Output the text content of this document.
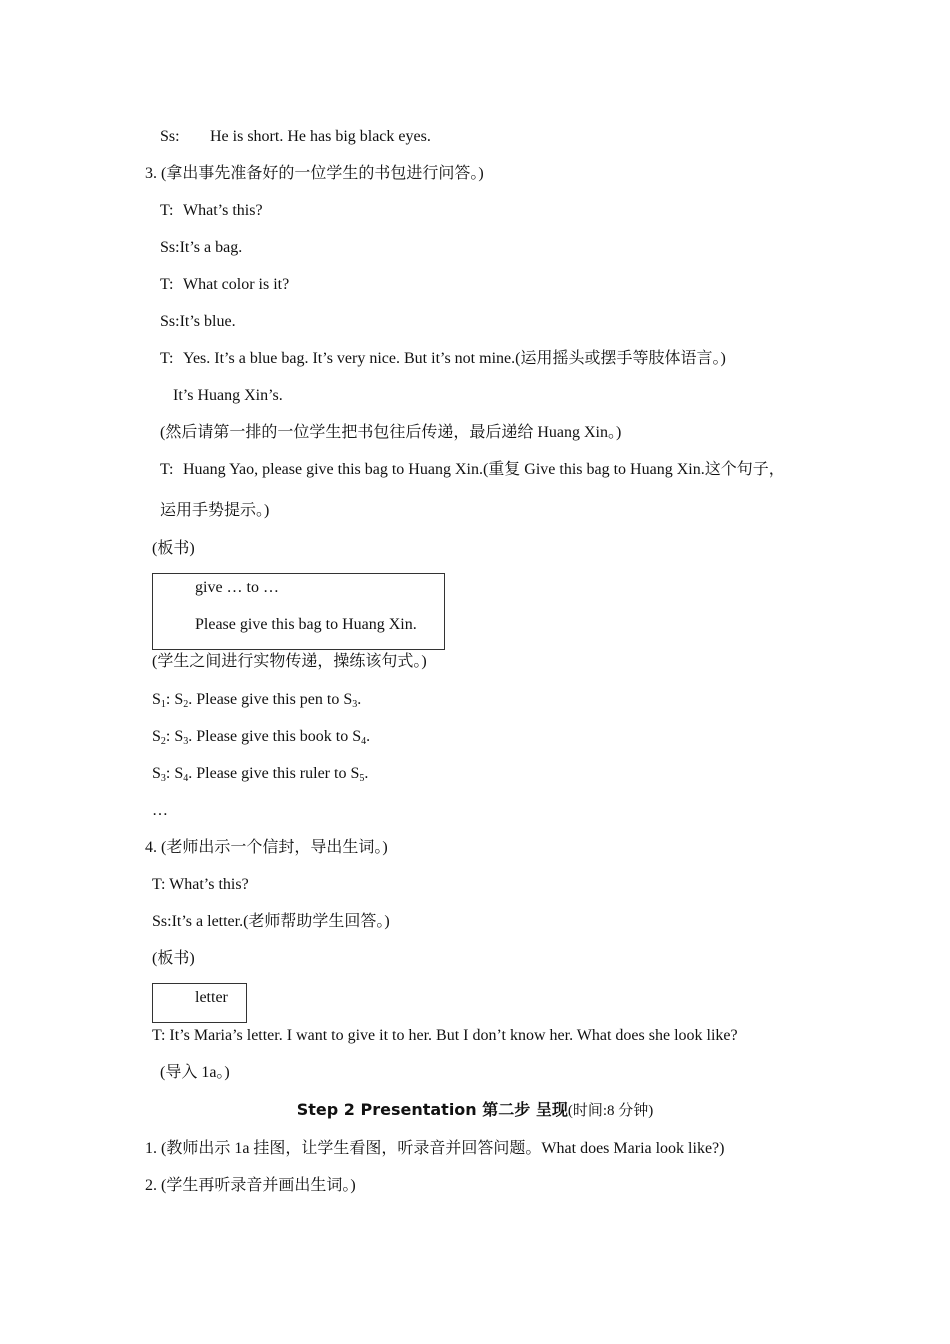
Ss: He is short. He has big black eyes.
3. (拿出事先准备好的一位学生的书包进行问答。)
T: What’s this?
Ss:It’s a bag.
T: What color is it?
Ss:It’s blue.
T: Yes. It’s a blue bag. It’s very nice. But it’s not mine.(运用摇头或摆手等肢体语言。)
It’s Huang Xin’s.
(然后请第一排的一位学生把书包往后传递，最后递给 Huang Xin。)
T: Huang Yao, please give this bag to Huang Xin.(重复 Give this bag to Huang Xin.这个句子，
运用手势提示。)
(板书)
give … to …
Please give this bag to Huang Xin.
(学生之间进行实物传递，操练该句式。)
$S_1$: $S_2$. Please give this pen to $S_3$.
$S_2$: $S_3$. Please give this book to $S_4$.
$S_3$: $S_4$. Please give this ruler to $S_5$.
…
4. (老师出示一个信封，导出生词。)
T: What’s this?
Ss:It’s a letter.(老师帮助学生回答。)
(板书)
letter
T: It’s Maria’s letter. I want to give it to her. But I don’t know her. What does she look like?
(导入 1a。)
Step 2 Presentation 第二步 呈现(时间:8 分钟)
1. (教师出示 1a 挂图，让学生看图，听录音并回答问题。What does Maria look like?)
2. (学生再听录音并画出生词。)
